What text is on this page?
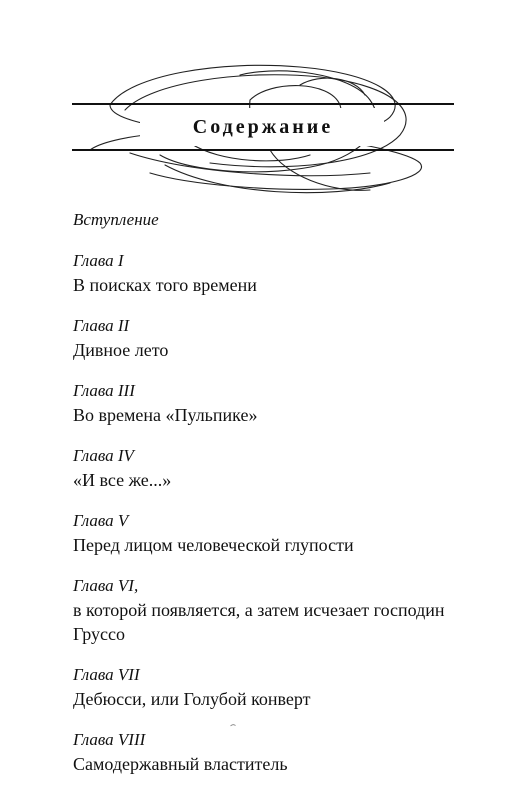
Содержание
Вступление
Глава I
В поисках того времени
Глава II
Дивное лето
Глава III
Во времена «Пульпике»
Глава IV
«И все же...»
Глава V
Перед лицом человеческой глупости
Глава VI,
в которой появляется, а затем исчезает господин Груссо
Глава VII
Дебюсси, или Голубой конверт
Глава VIII
Самодержавный властитель
